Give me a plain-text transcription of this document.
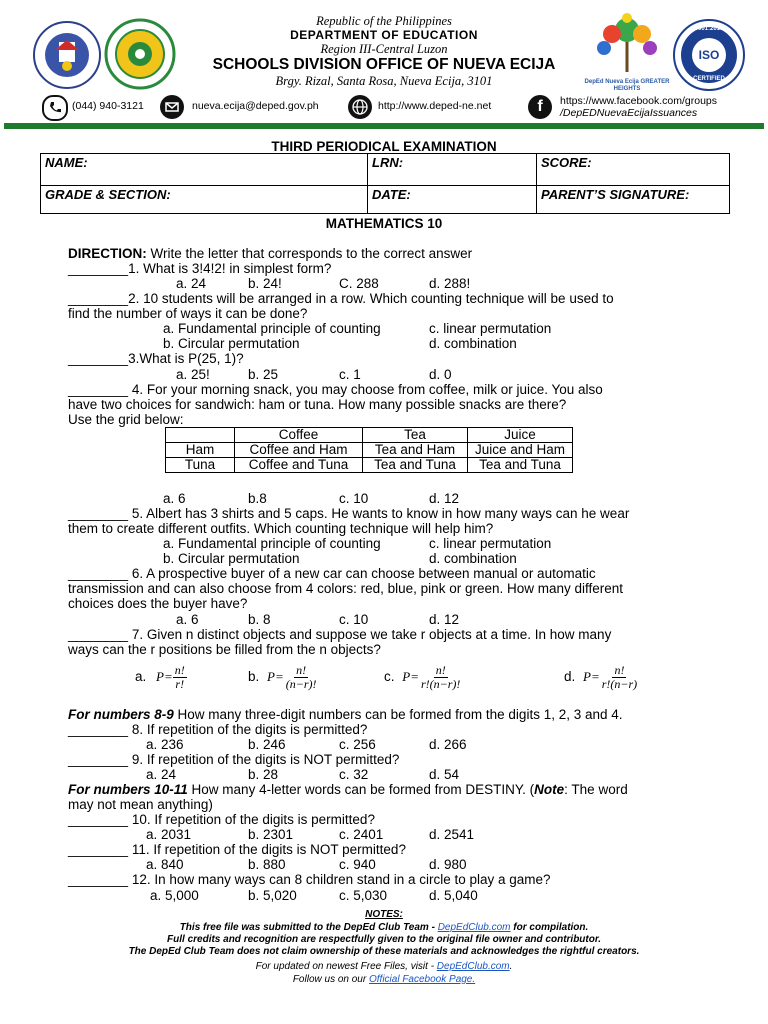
Republic of the Philippines
DEPARTMENT OF EDUCATION
Region III-Central Luzon
SCHOOLS DIVISION OFFICE OF NUEVA ECIJA
Brgy. Rizal, Santa Rosa, Nueva Ecija, 3101	DepEd Nueva Ecija GREATER HEIGHTS
9001:2015
ISO
CERTIFIED
(044) 940-3121	nueva.ecija@deped.gov.ph	http://www.deped-ne.net	f	https://www.facebook.com/groups
/DepEDNuevaEcijaIssuances
THIRD PERIODICAL EXAMINATION
NAME:	LRN:	SCORE:
GRADE & SECTION:	DATE:	PARENT’S SIGNATURE:
MATHEMATICS 10
DIRECTION: Write the letter that corresponds to the correct answer
________1. What is 3!4!2! in simplest form?
a. 24	b. 24!	C. 288	d. 288!
________2. 10 students will be arranged in a row. Which counting technique will be used to
find the number of ways it can be done?
a. Fundamental principle of counting	c. linear permutation
b. Circular permutation	d. combination
________3.What is P(25, 1)?
a. 25!	b. 25	c. 1	d. 0
________ 4. For your morning snack, you may choose from coffee, milk or juice. You also
have two choices for sandwich: ham or tuna. How many possible snacks are there?
Use the grid below:
	Coffee	Tea	Juice
Ham	Coffee and Ham	Tea and Ham	Juice and Ham
Tuna	Coffee and Tuna	Tea and Tuna	Tea and Tuna
a. 6	b.8	c. 10	d. 12
________ 5. Albert has 3 shirts and 5 caps. He wants to know in how many ways can he wear
them to create different outfits. Which counting technique will help him?
a. Fundamental principle of counting	c. linear permutation
b. Circular permutation	d. combination
________ 6. A prospective buyer of a new car can choose between manual or automatic
transmission and can also choose from 4 colors: red, blue, pink or green. How many different
choices does the buyer have?
a. 6	b. 8	c. 10	d. 12
________ 7. Given n distinct objects and suppose we take r objects at a time. In how many
ways can the r positions be filled from the n objects?
a. $P= \frac{n!}{r!}$	b. $P= \frac{n!}{(n-r)!}$	c. $P= \frac{n!}{r!(n-r)!}$	d. $P= \frac{n!}{r!(n-r)}$
For numbers 8-9 How many three-digit numbers can be formed from the digits 1, 2, 3 and 4.
________ 8. If repetition of the digits is permitted?
a. 236	b. 246	c. 256	d. 266
________ 9. If repetition of the digits is NOT permitted?
a. 24	b. 28	c. 32	d. 54
For numbers 10-11 How many 4-letter words can be formed from DESTINY. (Note: The word
may not mean anything)
________ 10. If repetition of the digits is permitted?
a. 2031	b. 2301	c. 2401	d. 2541
________ 11. If repetition of the digits is NOT permitted?
a. 840	b. 880	c. 940	d. 980
________ 12. In how many ways can 8 children stand in a circle to play a game?
a. 5,000	b. 5,020	c. 5,030	d. 5,040
NOTES:
This free file was submitted to the DepEd Club Team - DepEdClub.com for compilation.
Full credits and recognition are respectfully given to the original file owner and contributor.
The DepEd Club Team does not claim ownership of these materials and acknowledges the rightful creators.
For updated on newest Free Files, visit - DepEdClub.com.
Follow us on our Official Facebook Page.
